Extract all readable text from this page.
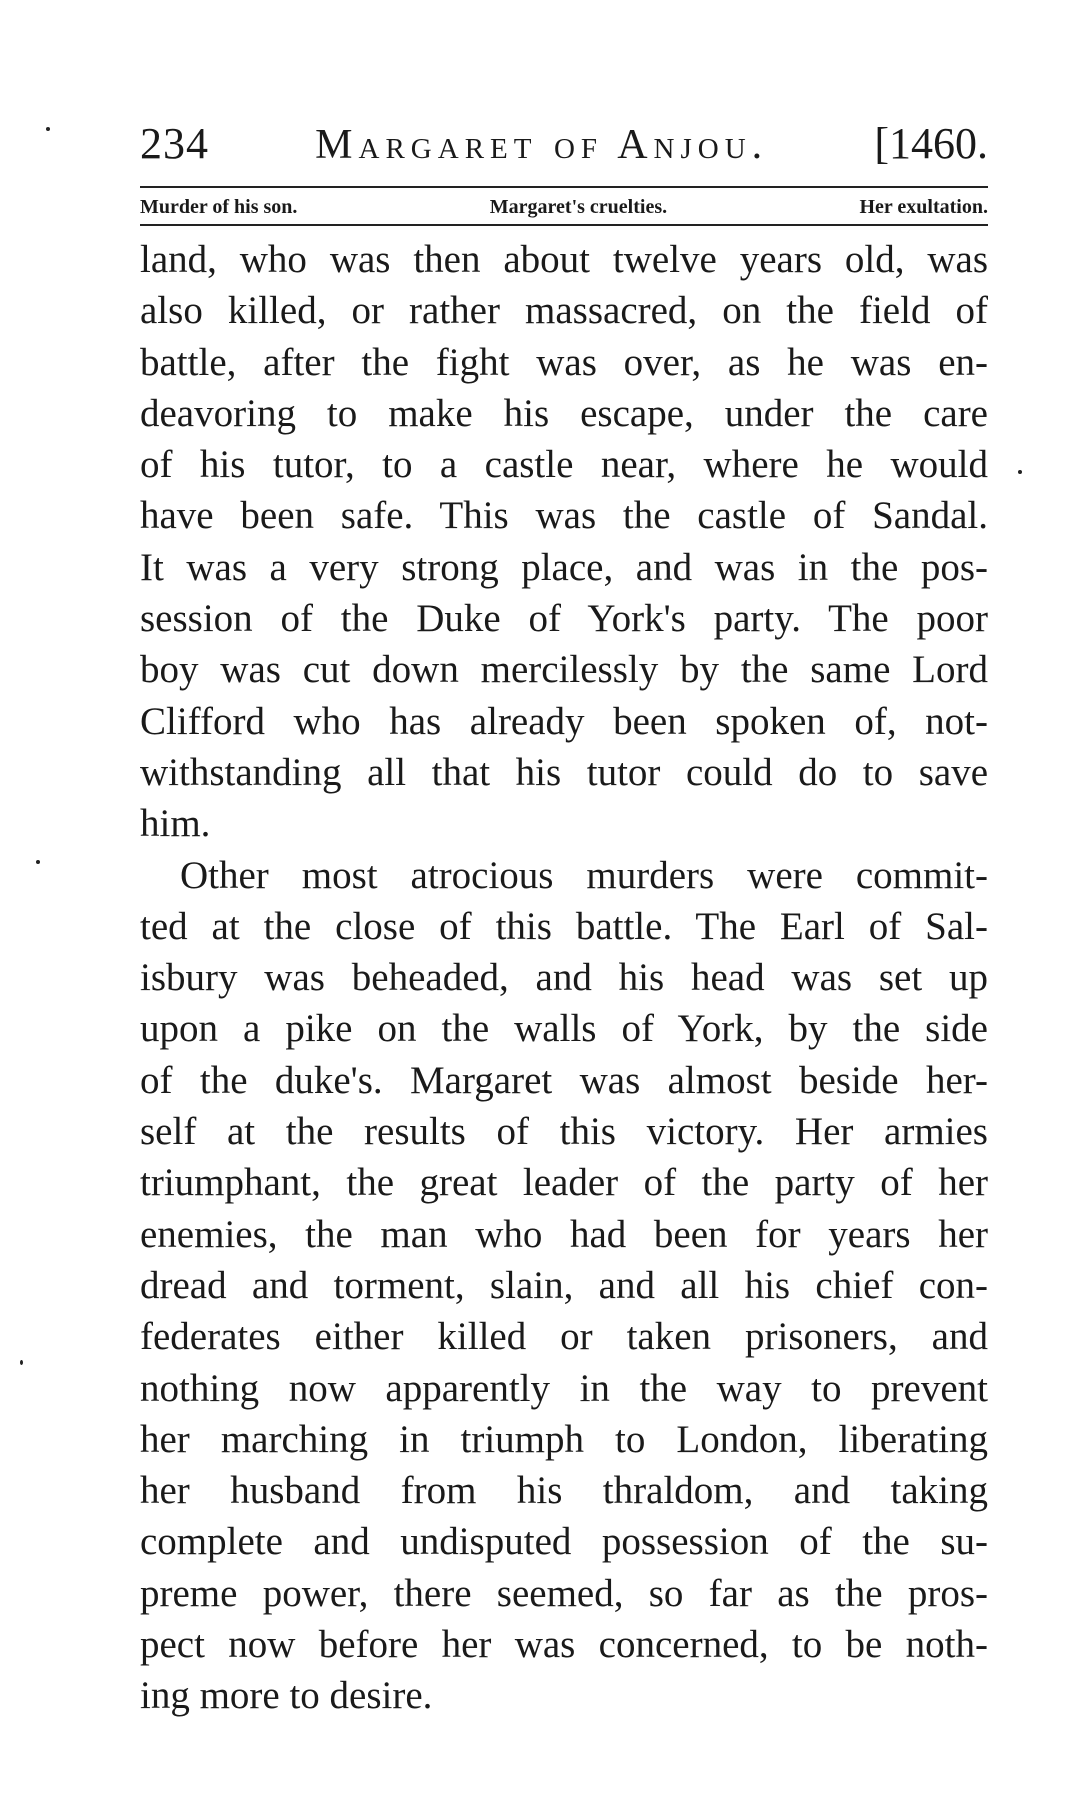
234	Margaret of Anjou. [1460.
Murder of his son.	Margaret's cruelties.	Her exultation.
land, who was then about twelve years old, was
also killed, or rather massacred, on the field of
battle, after the fight was over, as he was en-
deavoring to make his escape, under the care
of his tutor, to a castle near, where he would
have been safe. This was the castle of Sandal.
It was a very strong place, and was in the pos-
session of the Duke of York's party. The poor
boy was cut down mercilessly by the same Lord
Clifford who has already been spoken of, not-
withstanding all that his tutor could do to save
him.
Other most atrocious murders were commit-
ted at the close of this battle. The Earl of Sal-
isbury was beheaded, and his head was set up
upon a pike on the walls of York, by the side
of the duke's. Margaret was almost beside her-
self at the results of this victory. Her armies
triumphant, the great leader of the party of her
enemies, the man who had been for years her
dread and torment, slain, and all his chief con-
federates either killed or taken prisoners, and
nothing now apparently in the way to prevent
her marching in triumph to London, liberating
her husband from his thraldom, and taking
complete and undisputed possession of the su-
preme power, there seemed, so far as the pros-
pect now before her was concerned, to be noth-
ing more to desire.
